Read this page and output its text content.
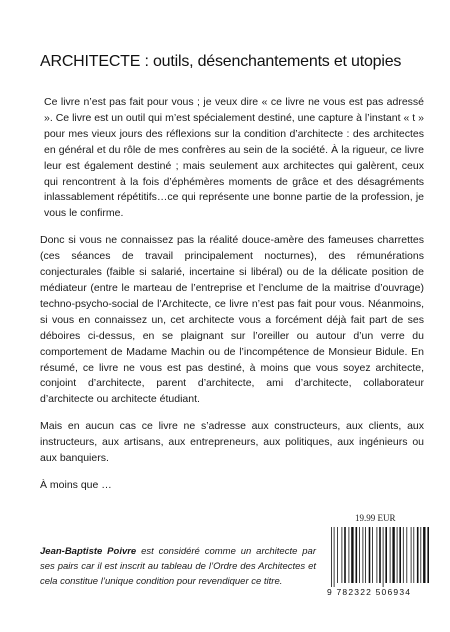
ARCHITECTE : outils, désenchantements et utopies

Ce livre n’est pas fait pour vous ; je veux dire « ce livre ne vous est pas adressé ». Ce livre est un outil qui m’est spécialement destiné, une capture à l’instant « t » pour mes vieux jours des réflexions sur la condition d’architecte : des architectes en général et du rôle de mes confrères au sein de la société. À la rigueur, ce livre leur est également destiné ; mais seulement aux architectes qui galèrent, ceux qui rencontrent à la fois d’éphémères moments de grâce et des désagréments inlassablement répétitifs…ce qui représente une bonne partie de la profession, je vous le confirme.

Donc si vous ne connaissez pas la réalité douce-amère des fameuses charrettes (ces séances de travail principalement nocturnes), des rémunérations conjecturales (faible si salarié, incertaine si libéral) ou de la délicate position de médiateur (entre le marteau de l’entreprise et l’enclume de la maitrise d’ouvrage) techno-psycho-social de l’Architecte, ce livre n’est pas fait pour vous. Néanmoins, si vous en connaissez un, cet architecte vous a forcément déjà fait part de ses déboires ci-dessus, en se plaignant sur l’oreiller ou autour d’un verre du comportement de Madame Machin ou de l’incompétence de Monsieur Bidule. En résumé, ce livre ne vous est pas destiné, à moins que vous soyez architecte, conjoint d’architecte, parent d’architecte, ami d’architecte, collaborateur d’architecte ou architecte étudiant.

Mais en aucun cas ce livre ne s’adresse aux constructeurs, aux clients, aux instructeurs, aux artisans, aux entrepreneurs, aux politiques, aux ingénieurs ou aux banquiers.

À moins que …

19.99 EUR
Jean-Baptiste Poivre est considéré comme un architecte par ses pairs car il est inscrit au tableau de l’Ordre des Architectes et cela constitue l’unique condition pour revendiquer ce titre.
9 782322 506934
